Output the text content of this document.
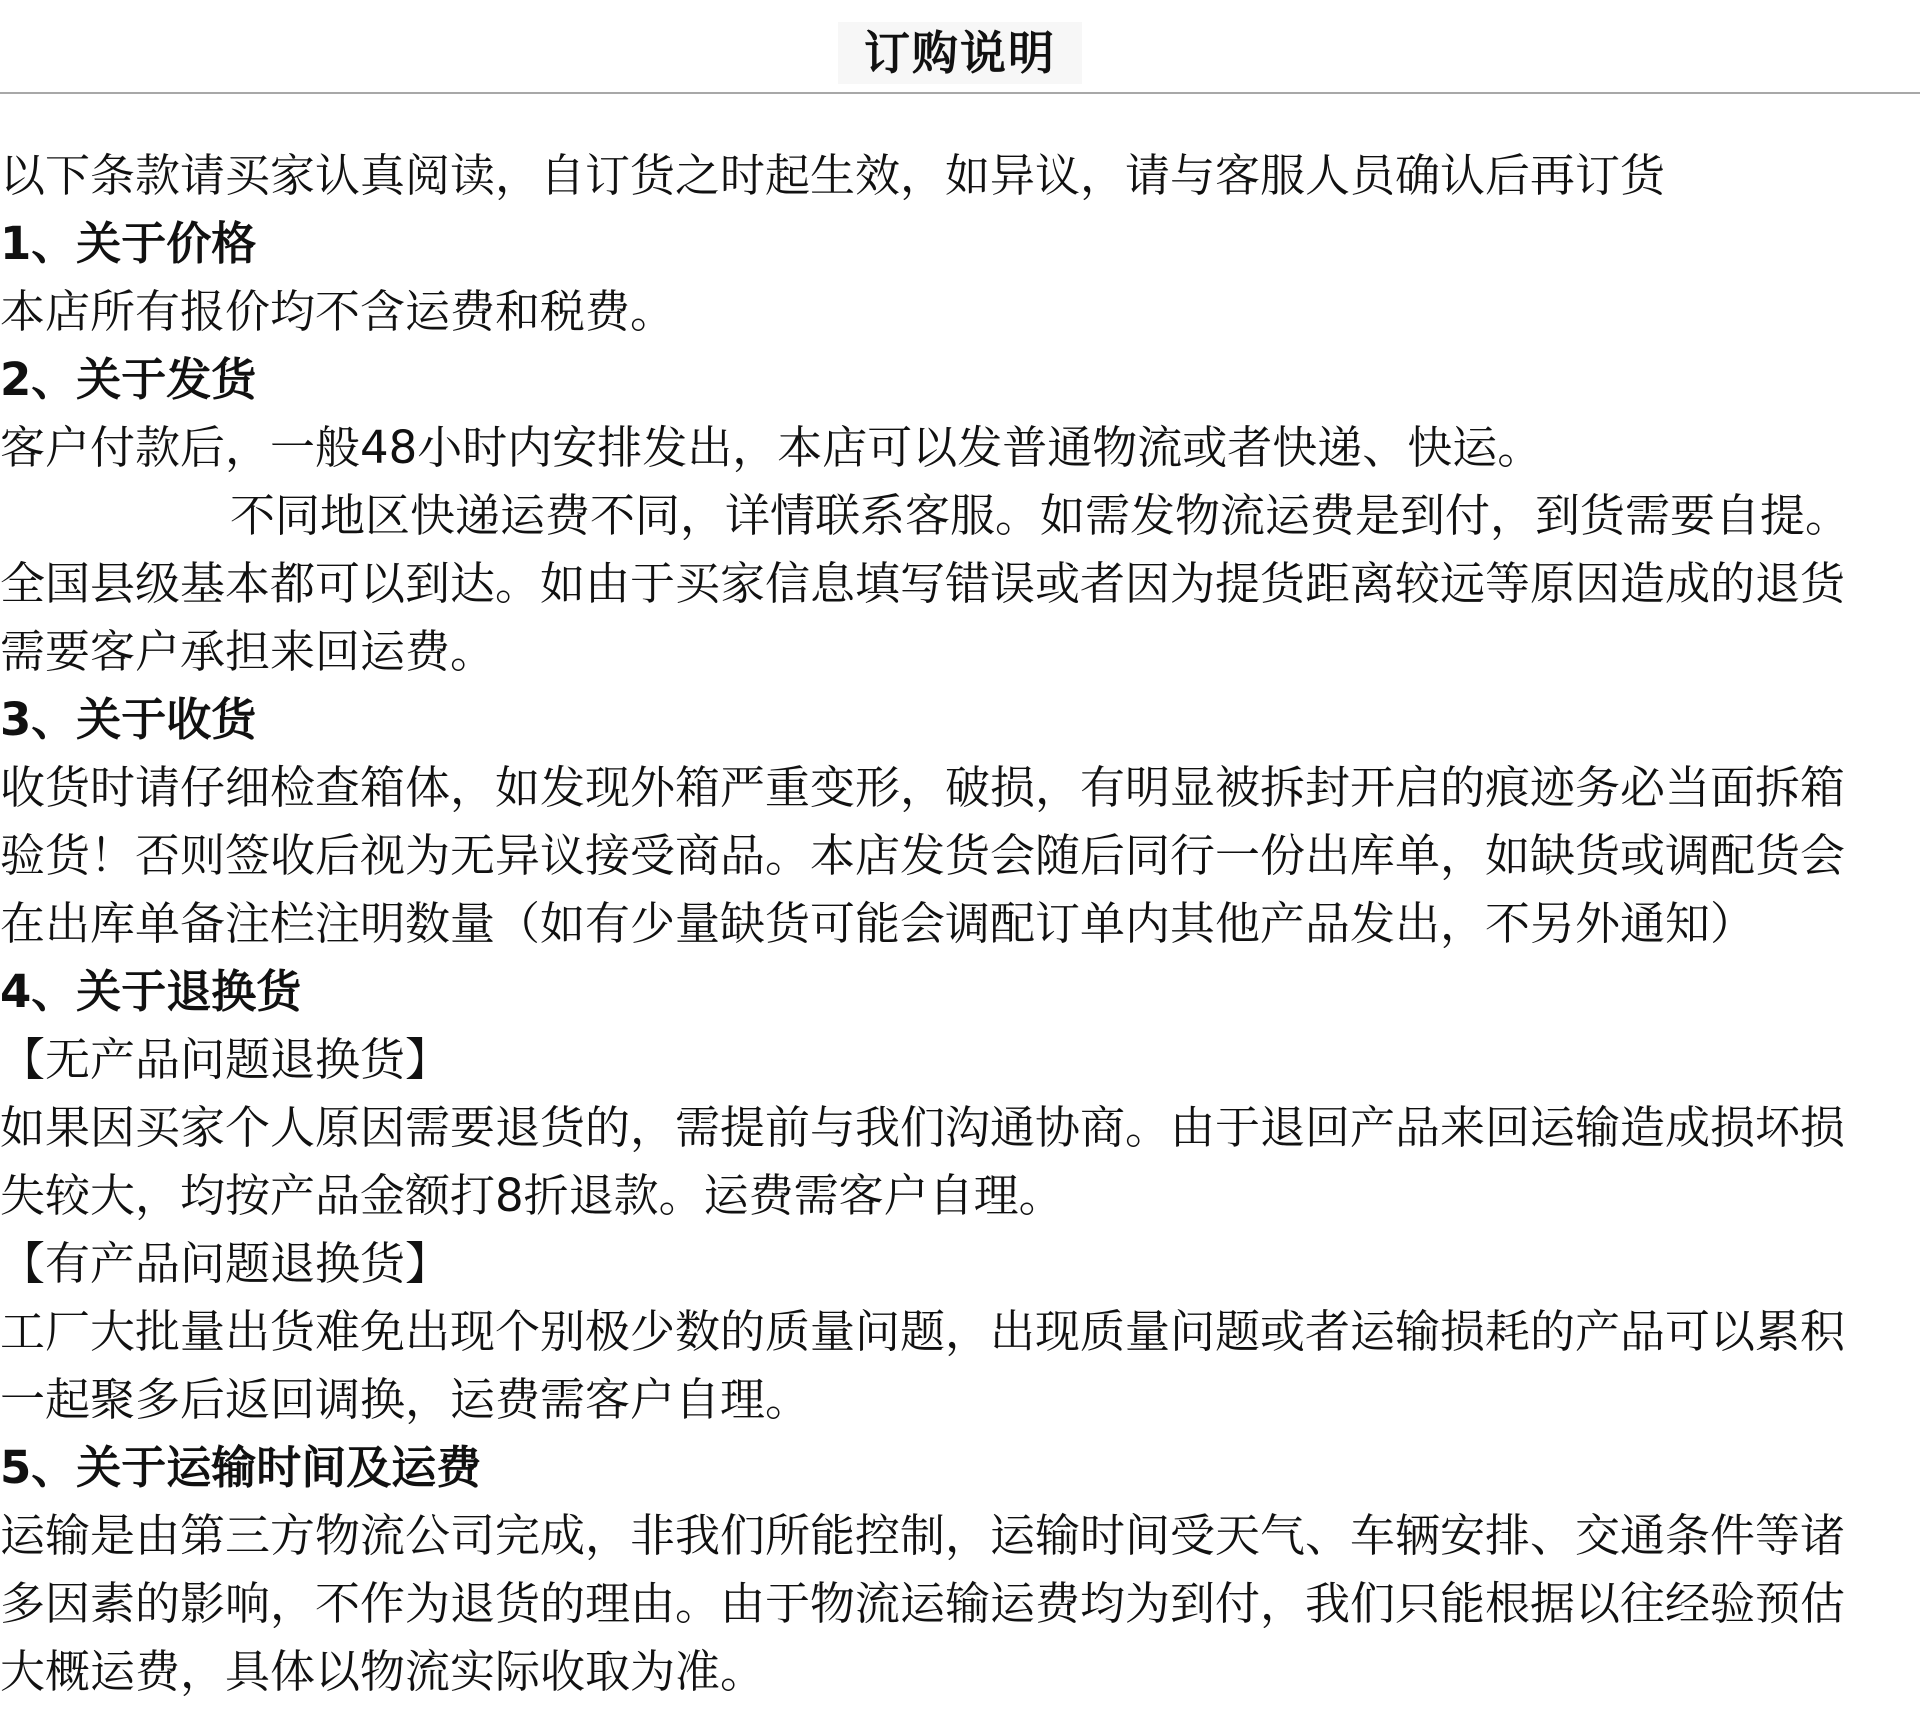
订购说明

以下条款请买家认真阅读，自订货之时起生效，如异议，请与客服人员确认后再订货

1、关于价格

本店所有报价均不含运费和税费。

2、关于发货

客户付款后，一般48小时内安排发出，本店可以发普通物流或者快递、快运。

不同地区快递运费不同，详情联系客服。如需发物流运费是到付，到货需要自提。

全国县级基本都可以到达。如由于买家信息填写错误或者因为提货距离较远等原因造成的退货

需要客户承担来回运费。

3、关于收货

收货时请仔细检查箱体，如发现外箱严重变形，破损，有明显被拆封开启的痕迹务必当面拆箱

验货！否则签收后视为无异议接受商品。本店发货会随后同行一份出库单，如缺货或调配货会

在出库单备注栏注明数量（如有少量缺货可能会调配订单内其他产品发出，不另外通知）

4、关于退换货

【无产品问题退换货】

如果因买家个人原因需要退货的，需提前与我们沟通协商。由于退回产品来回运输造成损坏损

失较大，均按产品金额打8折退款。运费需客户自理。

【有产品问题退换货】

工厂大批量出货难免出现个别极少数的质量问题，出现质量问题或者运输损耗的产品可以累积

一起聚多后返回调换，运费需客户自理。

5、关于运输时间及运费

运输是由第三方物流公司完成，非我们所能控制，运输时间受天气、车辆安排、交通条件等诸

多因素的影响，不作为退货的理由。由于物流运输运费均为到付，我们只能根据以往经验预估

大概运费，具体以物流实际收取为准。
